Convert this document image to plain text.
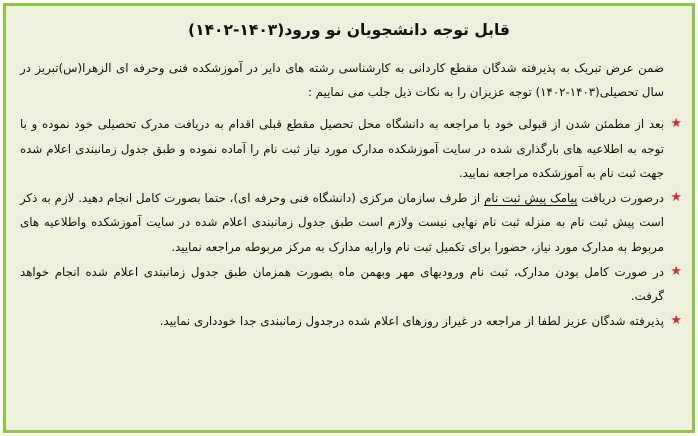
قابل توجه دانشجویان نو ورود(۱۴۰۳-۱۴۰۲)
ضمن عرض تبریک به پذیرفته شدگان مقطع کاردانی به کارشناسی رشته های دایر در آموزشکده فنی وحرفه ای الزهرا(س)تبریز در سال تحصیلی(۱۴۰۳-۱۴۰۲) توجه عزیزان را به نکات ذیل جلب می نماییم :
★
بعد از مطمئن شدن از قبولی خود با مراجعه به دانشگاه محل تحصیل مقطع قبلی اقدام به دریافت مدرک تحصیلی خود نموده و با توجه به اطلاعیه های بارگذاری شده در سایت آموزشکده مدارک مورد نیاز ثبت نام را آماده نموده و طبق جدول زمانبندی اعلام شده جهت ثبت نام به آموزشکده مراجعه نمایید.
★
درصورت دریافت پیامک پیش ثبت نام از طرف سازمان مرکزی (دانشگاه فنی وحرفه ای)، حتما بصورت کامل انجام دهید. لازم به ذکر است پیش ثبت نام به منزله ثبت نام نهایی نیست ولازم است طبق جدول زمانبندی اعلام شده در سایت آموزشکده واطلاعیه های مربوط به مدارک مورد نیاز، حضورا برای تکمیل ثبت نام وارایه مدارک به مرکز مربوطه مراجعه نمایید.
★
در صورت کامل بودن مدارک، ثبت نام ورودیهای مهر وبهمن ماه بصورت همزمان طبق جدول زمانبندی اعلام شده انجام خواهد گرفت.
★
پذیرفته شدگان عزیز لطفا از مراجعه در غیراز روزهای اعلام شده درجدول زمانبندی جدا خودداری نمایید.
